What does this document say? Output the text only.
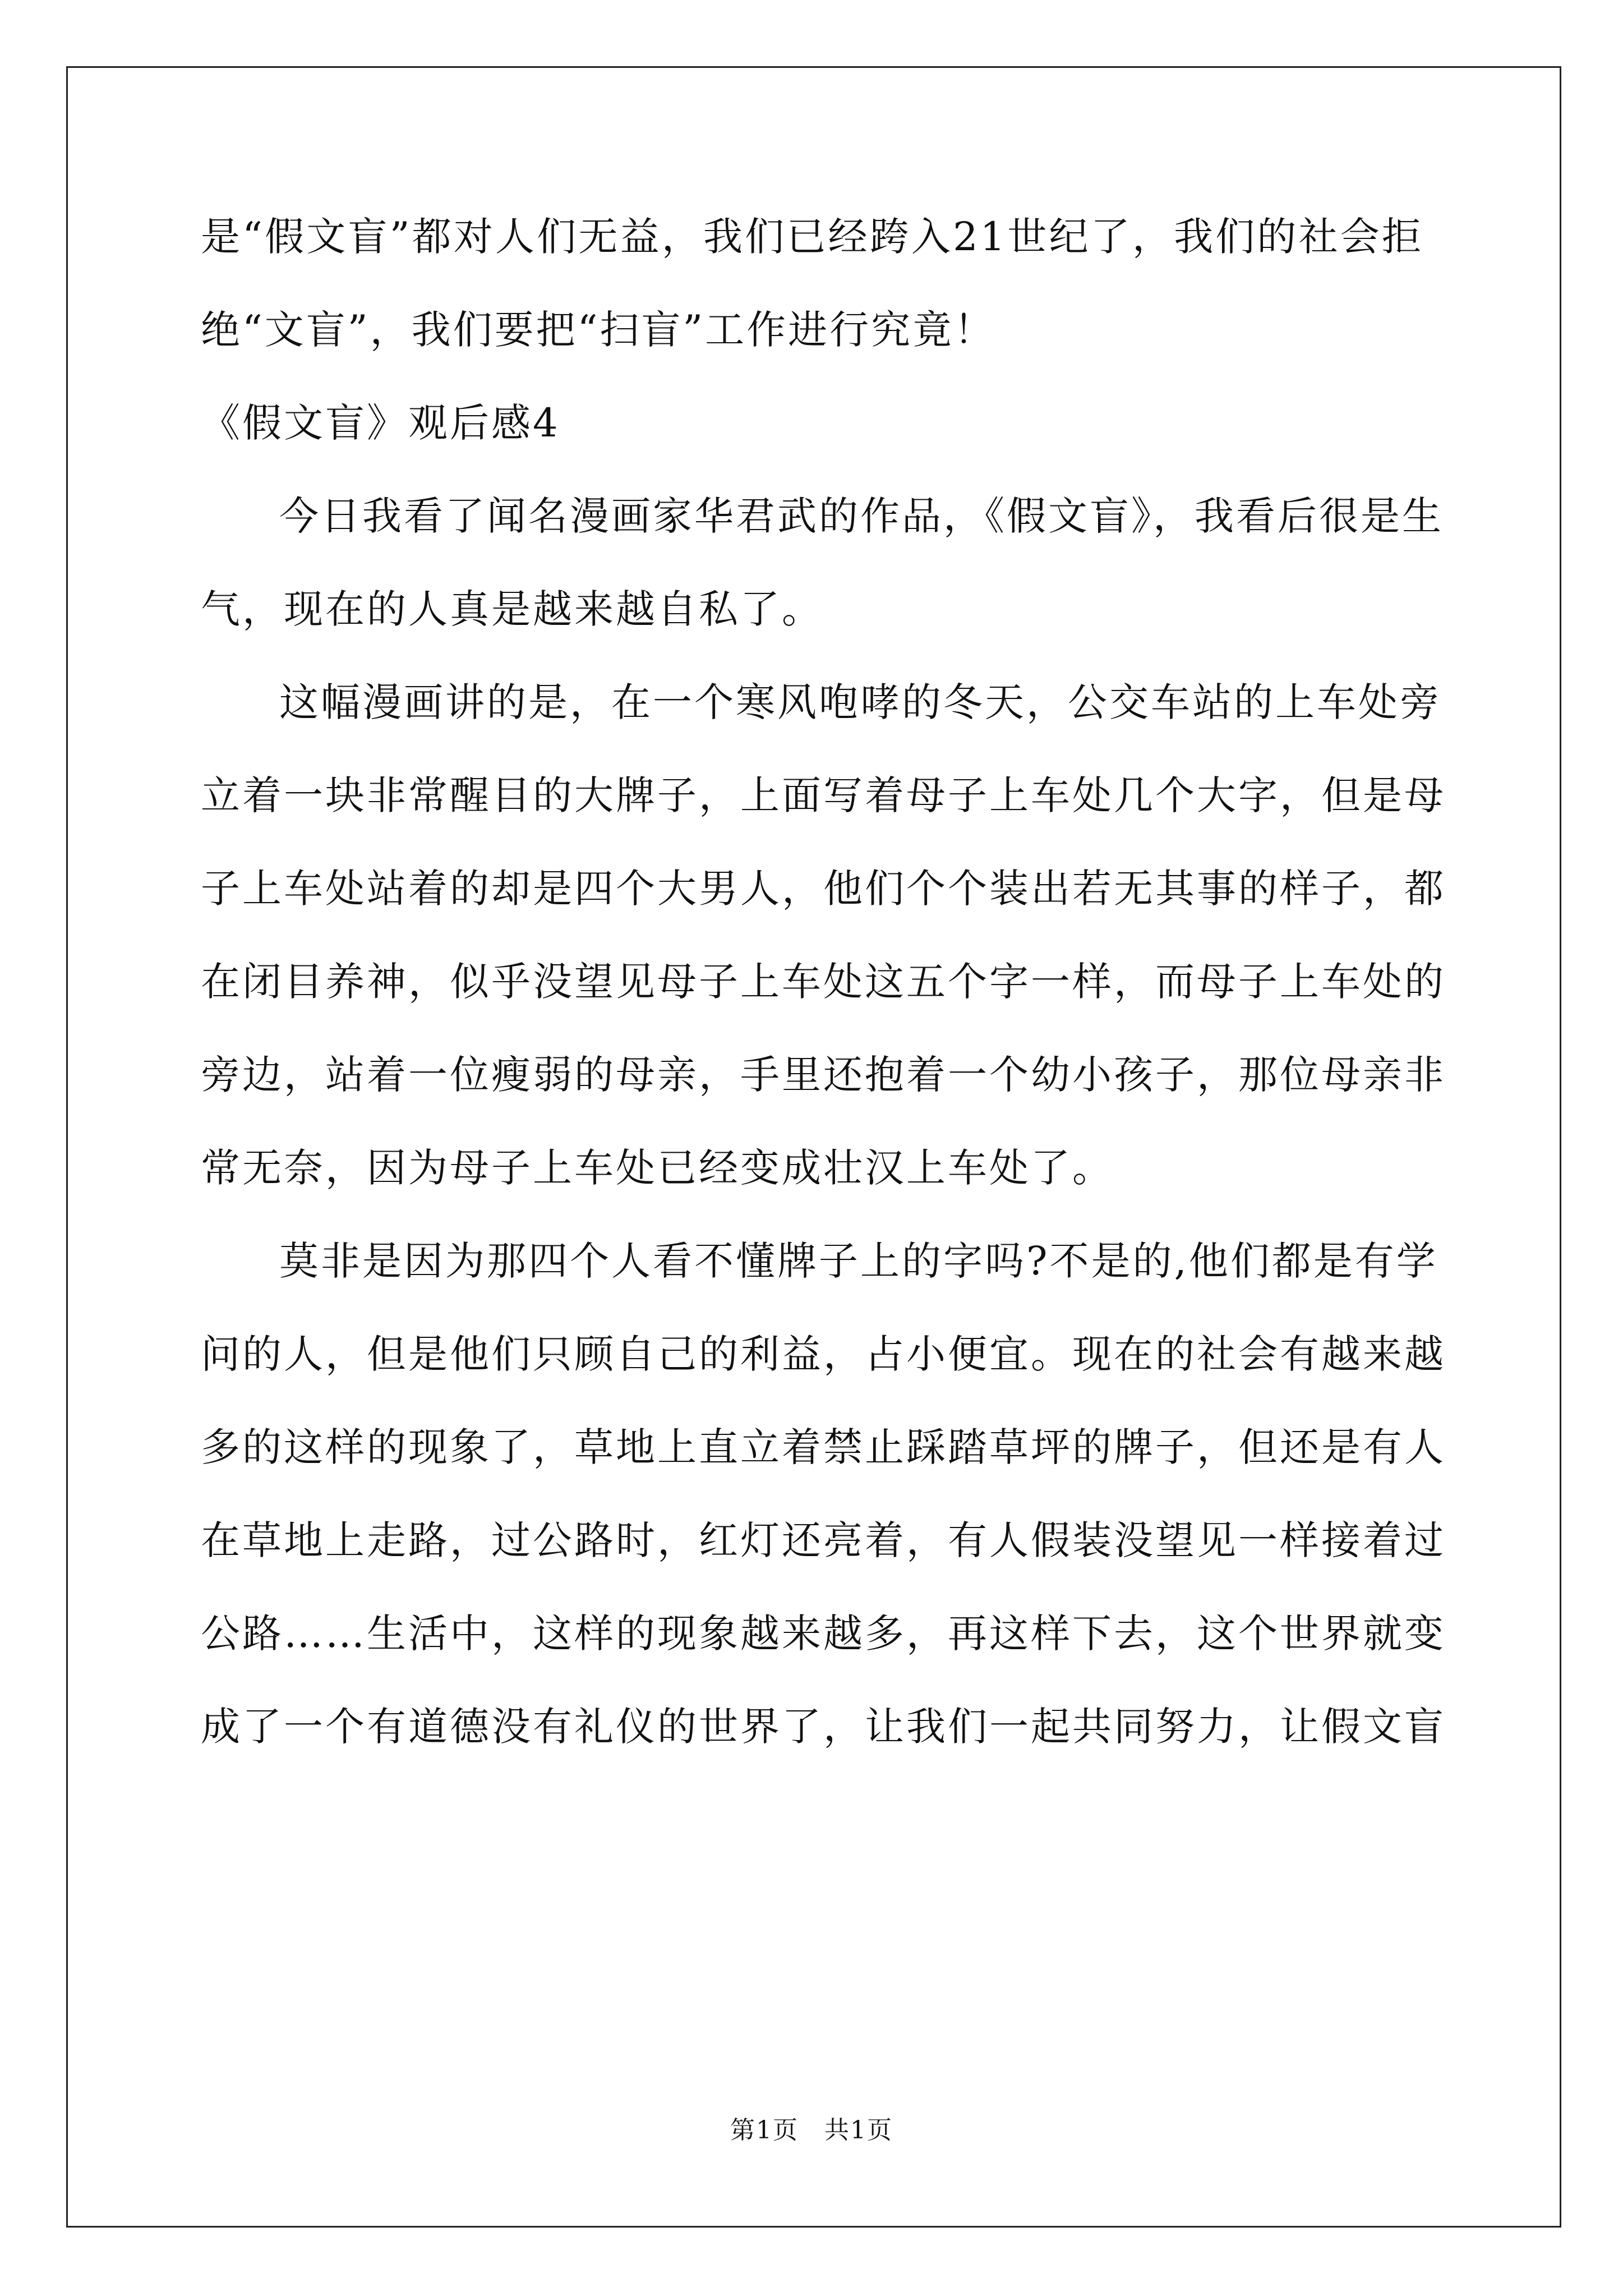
是“假文盲”都对人们无益，我们已经跨入21世纪了，我们的社会拒
绝“文盲”，我们要把“扫盲”工作进行究竟！
《假文盲》观后感4
今日我看了闻名漫画家华君武的作品，《假文盲》，我看后很是生
气，现在的人真是越来越自私了。
这幅漫画讲的是，在一个寒风咆哮的冬天，公交车站的上车处旁
立着一块非常醒目的大牌子，上面写着母子上车处几个大字，但是母
子上车处站着的却是四个大男人，他们个个装出若无其事的样子，都
在闭目养神，似乎没望见母子上车处这五个字一样，而母子上车处的
旁边，站着一位瘦弱的母亲，手里还抱着一个幼小孩子，那位母亲非
常无奈，因为母子上车处已经变成壮汉上车处了。
莫非是因为那四个人看不懂牌子上的字吗?不是的,他们都是有学
问的人，但是他们只顾自己的利益，占小便宜。现在的社会有越来越
多的这样的现象了，草地上直立着禁止踩踏草坪的牌子，但还是有人
在草地上走路，过公路时，红灯还亮着，有人假装没望见一样接着过
公路……生活中，这样的现象越来越多，再这样下去，这个世界就变
成了一个有道德没有礼仪的世界了，让我们一起共同努力，让假文盲
第1页　共1页
